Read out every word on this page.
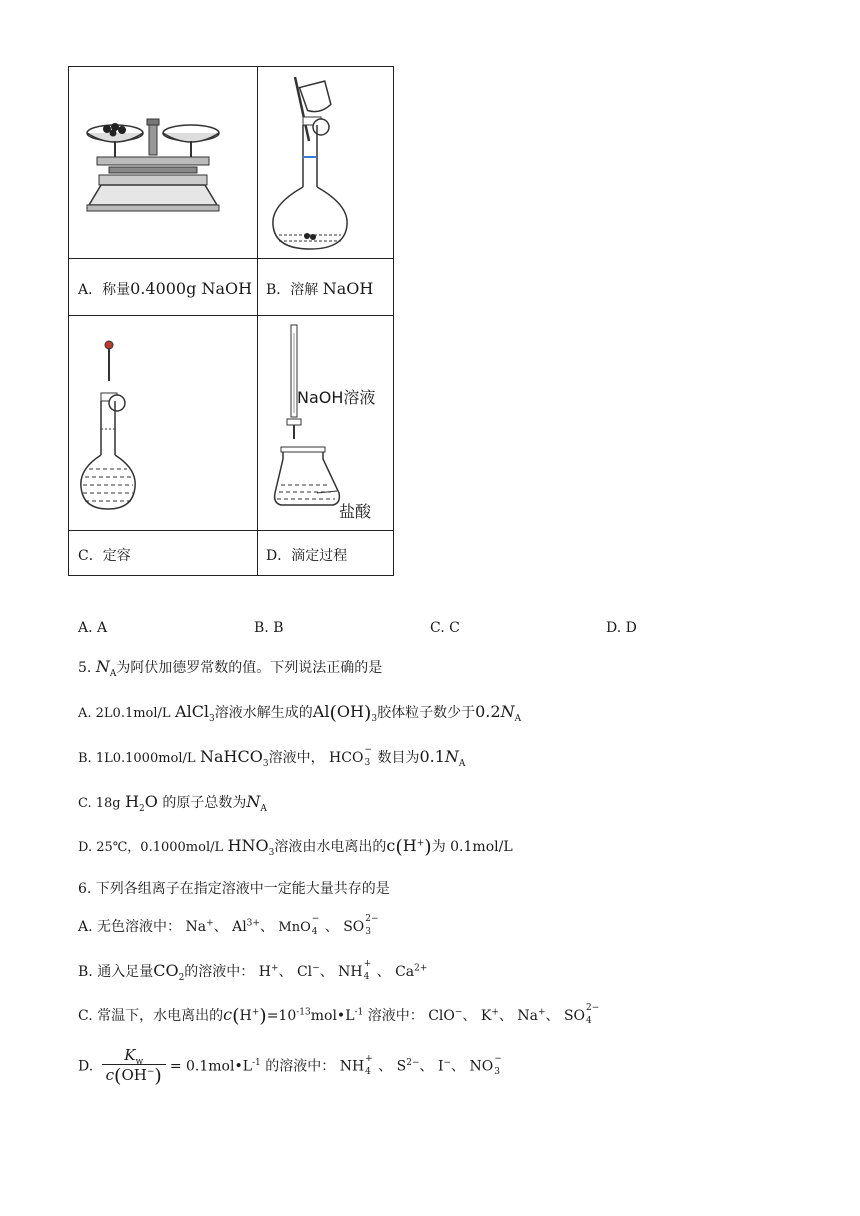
A．称量0.4000g NaOH B．溶解 NaOH
C．定容
NaOH溶液
盐酸
D．滴定过程
A. A	B. B	C. C	D. D
5. $N_A$为阿伏加德罗常数的值。下列说法正确的是
A. 2L0.1mol/L AlCl$_3$溶液水解生成的$Al(OH)_3$胶体粒子数少于$0.2N_A$
B. 1L0.1000mol/L NaHCO$_3$溶液中， HCO −
3 数目为$0.1N_A$
C. 18g $H_2O$ 的原子总数为$N_A$
D. 25℃，0.1000mol/L $HNO_3$溶液由水电离出的c(H+)为 0.1mol/L
6. 下列各组离子在指定溶液中一定能大量共存的是
A. 无色溶液中： Na+、 $Al^{3+}$、 MnO
−
4 、 SO 2−
3
B. 通入足量$CO_2$的溶液中： H+、 Cl−、 NH +
4 、 $Ca^{2+}$
C. 常温下，水电离出的$c(H^+)=10^{-13}mol•L^{-1}$ 溶液中： ClO−、 K+、 Na+、 SO 2−
4
D. $\frac{K_w}{c(OH^-)}$ = $0.1mol•L^{-1}$ 的溶液中： NH +
4 、 $S^{2-}$、 I−、 NO −
3
